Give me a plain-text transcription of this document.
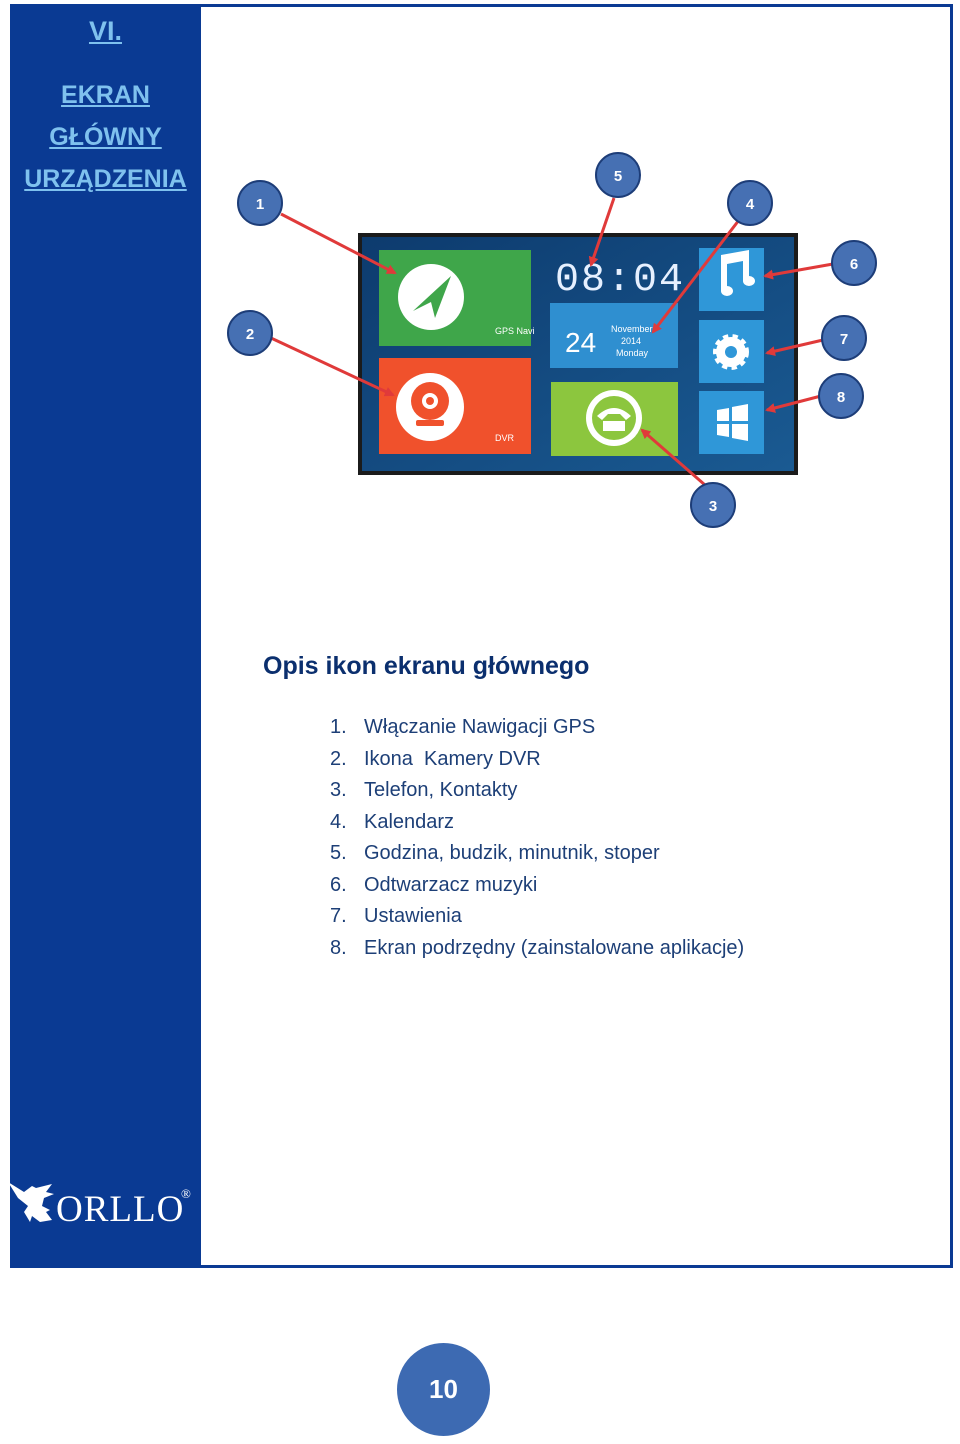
VI.
EKRAN
GŁÓWNY
URZĄDZENIA
ORLLO
®
GPS Navi
DVR
08:04
24 November
2014
Monday
1
2
3
4
5
6
7
8
Opis ikon ekranu głównego
1. Włączanie Nawigacji GPS
2. Ikona  Kamery DVR
3. Telefon, Kontakty
4. Kalendarz
5. Godzina, budzik, minutnik, stoper
6. Odtwarzacz muzyki
7. Ustawienia
8. Ekran podrzędny (zainstalowane aplikacje)
10
